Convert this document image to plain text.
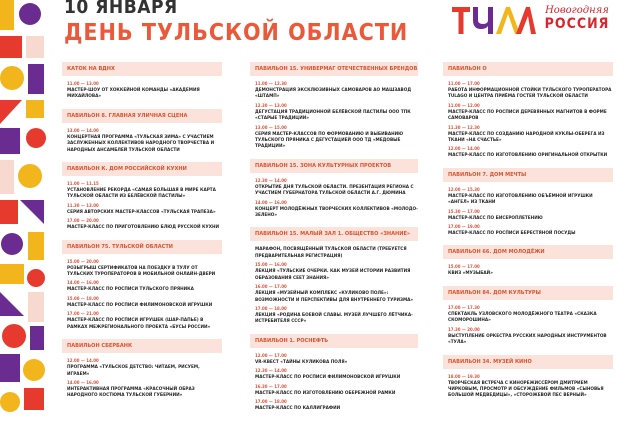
10 ЯНВАРЯ
ДЕНЬ ТУЛЬСКОЙ ОБЛАСТИ
Новогодняя
РОССИЯ
КАТОК НА ВДНХ
11.00 — 13.00
МАСТЕР-ШОУ ОТ ХОККЕЙНОЙ КОМАНДЫ «АКАДЕМИЯ МИХАЙЛОВА»
ПАВИЛЬОН 8. ГЛАВНАЯ УЛИЧНАЯ СЦЕНА
13.00 — 14.00
КОНЦЕРТНАЯ ПРОГРАММА «ТУЛЬСКАЯ ЗИМА» С УЧАСТИЕМ ЗАСЛУЖЕННЫХ КОЛЛЕКТИВОВ НАРОДНОГО ТВОРЧЕСТВА И НАРОДНЫХ АНСАМБЛЕЙ ТУЛЬСКОЙ ОБЛАСТИ
ПАВИЛЬОН К. ДОМ РОССИЙСКОЙ КУХНИ
11.00 — 11.15
УСТАНОВЛЕНИЕ РЕКОРДА «САМАЯ БОЛЬШАЯ В МИРЕ КАРТА ТУЛЬСКОЙ ОБЛАСТИ ИЗ БЕЛЁВСКОЙ ПАСТИЛЫ»
11.30 — 13.00
СЕРИЯ АВТОРСКИХ МАСТЕР-КЛАССОВ «ТУЛЬСКАЯ ТРАПЕЗА»
17.00 — 20.00
МАСТЕР-КЛАСС ПО ПРИГОТОВЛЕНИЮ БЛЮД РУССКОЙ КУХНИ
ПАВИЛЬОН 75. ТУЛЬСКОЙ ОБЛАСТИ
15.00 — 20.00
РОЗЫГРЫШ СЕРТИФИКАТОВ НА ПОЕЗДКУ В ТУЛУ ОТ ТУЛЬСКИХ ТУРОПЕРАТОРОВ В МОБИЛЬНОЙ ОНЛАЙН-ДВЕРИ
14.00 — 16.00
МАСТЕР-КЛАСС ПО РОСПИСИ ТУЛЬСКОГО ПРЯНИКА
15.00 — 18.00
МАСТЕР-КЛАСС ПО РОСПИСИ ФИЛИМОНОВСКОЙ ИГРУШКИ
17.00 — 21.00
МАСТЕР-КЛАСС ПО РОСПИСИ ИГРУШЕК (ШАР-ПАПЬЕ) В РАМКАХ МЕЖРЕГИОНАЛЬНОГО ПРОЕКТА «БУСЫ РОССИИ»
ПАВИЛЬОН СБЕРБАНК
12.00 — 14.00
ПРОГРАММА «ТУЛЬСКОЕ ДЕТСТВО: ЧИТАЕМ, РИСУЕМ, ИГРАЕМ»
14.00 — 16.00
ИНТЕРАКТИВНАЯ ПРОГРАММА «КРАСОЧНЫЙ ОБРАЗ НАРОДНОГО КОСТЮМА ТУЛЬСКОЙ ГУБЕРНИИ»
ПАВИЛЬОН 15. УНИВЕРМАГ ОТЕЧЕСТВЕННЫХ БРЕНДОВ
11.00 — 12.30
ДЕМОНСТРАЦИЯ ЭКСКЛЮЗИВНЫХ САМОВАРОВ АО МАШЗАВОД «ШТАМП»
12.30 — 13.00
ДЕГУСТАЦИЯ ТРАДИЦИОННОЙ БЕЛЁВСКОЙ ПАСТИЛЫ ООО ТПК «СТАРЫЕ ТРАДИЦИИ»
13.00 — 15.00
СЕРИЯ МАСТЕР-КЛАССОВ ПО ФОРМОВАНИЮ И ВЫБИВАНИЮ ТУЛЬСКОГО ПРЯНИКА С ДЕГУСТАЦИЕЙ ООО ТД «МЕДОВЫЕ ТРАДИЦИИ»
ПАВИЛЬОН 15. ЗОНА КУЛЬТУРНЫХ ПРОЕКТОВ
12.30 — 14.00
ОТКРЫТИЕ ДНЯ ТУЛЬСКОЙ ОБЛАСТИ. ПРЕЗЕНТАЦИЯ РЕГИОНА С УЧАСТИЕМ ГУБЕРНАТОРА ТУЛЬСКОЙ ОБЛАСТИ А.Г. ДЮМИНА
14.00 — 16.00
КОНЦЕРТ МОЛОДЁЖНЫХ ТВОРЧЕСКИХ КОЛЛЕКТИВОВ «МОЛОДО-ЗЕЛЕНО»
ПАВИЛЬОН 15. МАЛЫЙ ЗАЛ 1. ОБЩЕСТВО «ЗНАНИЕ»
МАРАФОН, ПОСВЯЩЁННЫЙ ТУЛЬСКОЙ ОБЛАСТИ (ТРЕБУЕТСЯ ПРЕДВАРИТЕЛЬНАЯ РЕГИСТРАЦИЯ)
15.00 — 16.00
ЛЕКЦИЯ «ТУЛЬСКИЕ ОЧЕРКИ. КАК МУЗЕЙ ИСТОРИИ РАЗВИТИЯ ОБРАЗОВАНИЯ СЕЕТ ЗНАНИЯ»
16.00 — 17.00
ЛЕКЦИЯ «МУЗЕЙНЫЙ КОМПЛЕКС «КУЛИКОВО ПОЛЕ»: ВОЗМОЖНОСТИ И ПЕРСПЕКТИВЫ ДЛЯ ВНУТРЕННЕГО ТУРИЗМА»
17.00 — 18.00
ЛЕКЦИЯ «РОДИНА БОЕВОЙ СЛАВЫ. МУЗЕЙ ЛУЧШЕГО ЛЁТЧИКА-ИСТРЕБИТЕЛЯ СССР»
ПАВИЛЬОН 1. РОСНЕФТЬ
12.00 — 17.00
VR-КВЕСТ «ТАЙНЫ КУЛИКОВА ПОЛЯ»
12.30 — 14.00
МАСТЕР-КЛАСС ПО РОСПИСИ ФИЛИМОНОВСКОЙ ИГРУШКИ
16.30 — 17.00
МАСТЕР-КЛАСС ПО ИЗГОТОВЛЕНИЮ ОБЕРЕЖНОЙ РАМКИ
17.00 — 18.00
МАСТЕР-КЛАСС ПО КАЛЛИГРАФИИ
ПАВИЛЬОН О
11.00 — 17.00
РАБОТА ИНФОРМАЦИОННОЙ СТОЙКИ ТУЛЬСКОГО ТУРОПЕРАТОРА TULAGO И ЦЕНТРА ПРИЁМА ГОСТЕЙ ТУЛЬСКОЙ ОБЛАСТИ
11.00 — 12.00
МАСТЕР-КЛАСС ПО РОСПИСИ ДЕРЕВЯННЫХ МАГНИТОВ В ФОРМЕ САМОВАРОВ
11.30 — 12.30
МАСТЕР-КЛАСС ПО СОЗДАНИЮ НАРОДНОЙ КУКЛЫ-ОБЕРЕГА ИЗ ТКАНИ «НА СЧАСТЬЕ»
12.00 — 14.00
МАСТЕР-КЛАСС ПО ИЗГОТОВЛЕНИЮ ОРИГИНАЛЬНОЙ ОТКРЫТКИ
ПАВИЛЬОН 7. ДОМ МЕЧТЫ
12.00 — 15.30
МАСТЕР-КЛАСС ПО ИЗГОТОВЛЕНИЮ ОБЪЁМНОЙ ИГРУШКИ «АНГЕЛ» ИЗ ТКАНИ
15.30 — 17.00
МАСТЕР-КЛАСС ПО БИСЕРОПЛЕТЕНИЮ
17.00 — 19.00
МАСТЕР-КЛАСС ПО РОСПИСИ БЕРЕСТЯНОЙ ПОСУДЫ
ПАВИЛЬОН 66. ДОМ МОЛОДЁЖИ
15.00 — 17.00
КВИЗ «МУЗЫБАЙ»
ПАВИЛЬОН 84. ДОМ КУЛЬТУРЫ
17.00 — 17.30
СПЕКТАКЛЬ УЗЛОВСКОГО МОЛОДЁЖНОГО ТЕАТРА «СКАЗКА СКОМОРОШИНА»
17.30 — 20.00
ВЫСТУПЛЕНИЕ ОРКЕСТРА РУССКИХ НАРОДНЫХ ИНСТРУМЕНТОВ «ТУЛА»
ПАВИЛЬОН 34. МУЗЕЙ КИНО
18.00 — 19.30
ТВОРЧЕСКАЯ ВСТРЕЧА С КИНОРЕЖИССЁРОМ ДМИТРИЕМ ЧИРКОВЫМ, ПРОСМОТР И ОБСУЖДЕНИЕ ФИЛЬМОВ «СЫНОВЬЯ БОЛЬШОЙ МЕДВЕДИЦЫ», «СТОРОЖЕВОЙ ПЕС ВЕРНЫЙ»
